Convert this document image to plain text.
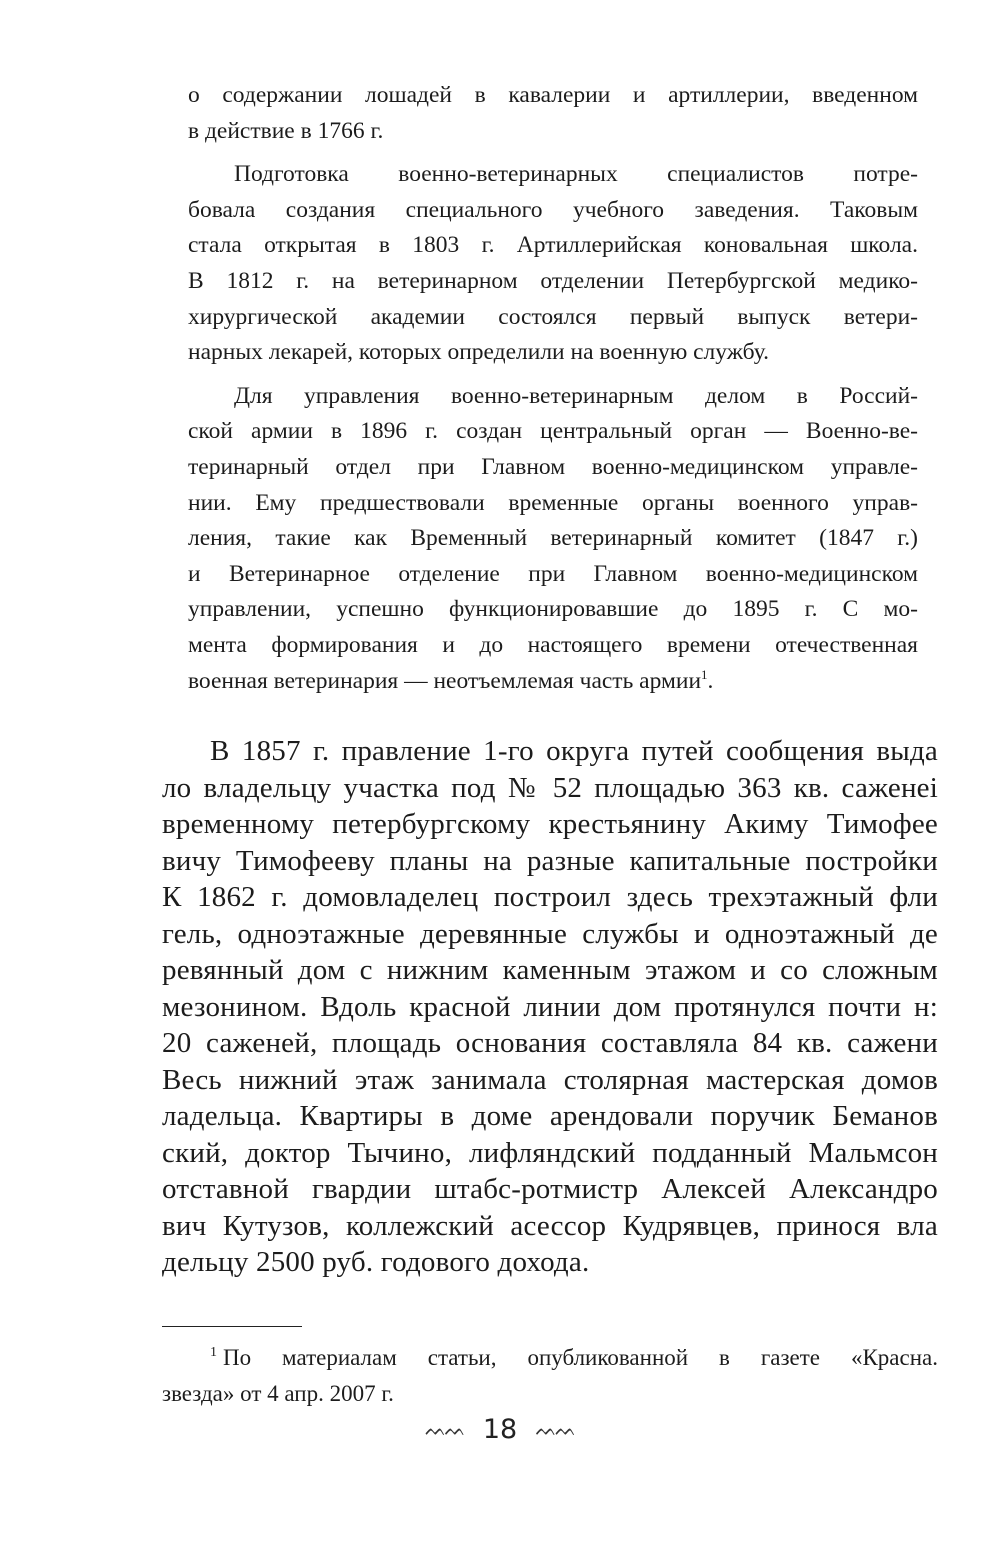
о содержании лошадей в кавалерии и артиллерии, введенном
в действие в 1766 г.
Подготовка военно-ветеринарных специалистов потре-
бовала создания специального учебного заведения. Таковым
стала открытая в 1803 г. Артиллерийская коновальная школа.
В 1812 г. на ветеринарном отделении Петербургской медико-
хирургической академии состоялся первый выпуск ветери-
нарных лекарей, которых определили на военную службу.
Для управления военно-ветеринарным делом в Россий-
ской армии в 1896 г. создан центральный орган — Военно-ве-
теринарный отдел при Главном военно-медицинском управле-
нии. Ему предшествовали временные органы военного управ-
ления, такие как Временный ветеринарный комитет (1847 г.)
и Ветеринарное отделение при Главном военно-медицинском
управлении, успешно функционировавшие до 1895 г. С мо-
мента формирования и до настоящего времени отечественная
военная ветеринария — неотъемлемая часть армии$^1$.
В 1857 г. правление 1-го округа путей сообщения выда
ло владельцу участка под № 52 площадью 363 кв. саженеi
временному петербургскому крестьянину Акиму Тимофее
вичу Тимофееву планы на разные капитальные постройки
К 1862 г. домовладелец построил здесь трехэтажный фли
гель, одноэтажные деревянные службы и одноэтажный де
ревянный дом с нижним каменным этажом и со сложным
мезонином. Вдоль красной линии дом протянулся почти н:
20 саженей, площадь основания составляла 84 кв. сажени
Весь нижний этаж занимала столярная мастерская домов
ладельца. Квартиры в доме арендовали поручик Беманов
ский, доктор Тычино, лифляндский подданный Мальмсон
отставной гвардии штабс-ротмистр Алексей Александро
вич Кутузов, коллежский асессор Кудрявцев, принося вла
дельцу 2500 руб. годового дохода.
$^1$ По материалам статьи, опубликованной в газете «Красна.
звезда» от 4 апр. 2007 г.
ᨓᨓ 18 ᨓᨓ
